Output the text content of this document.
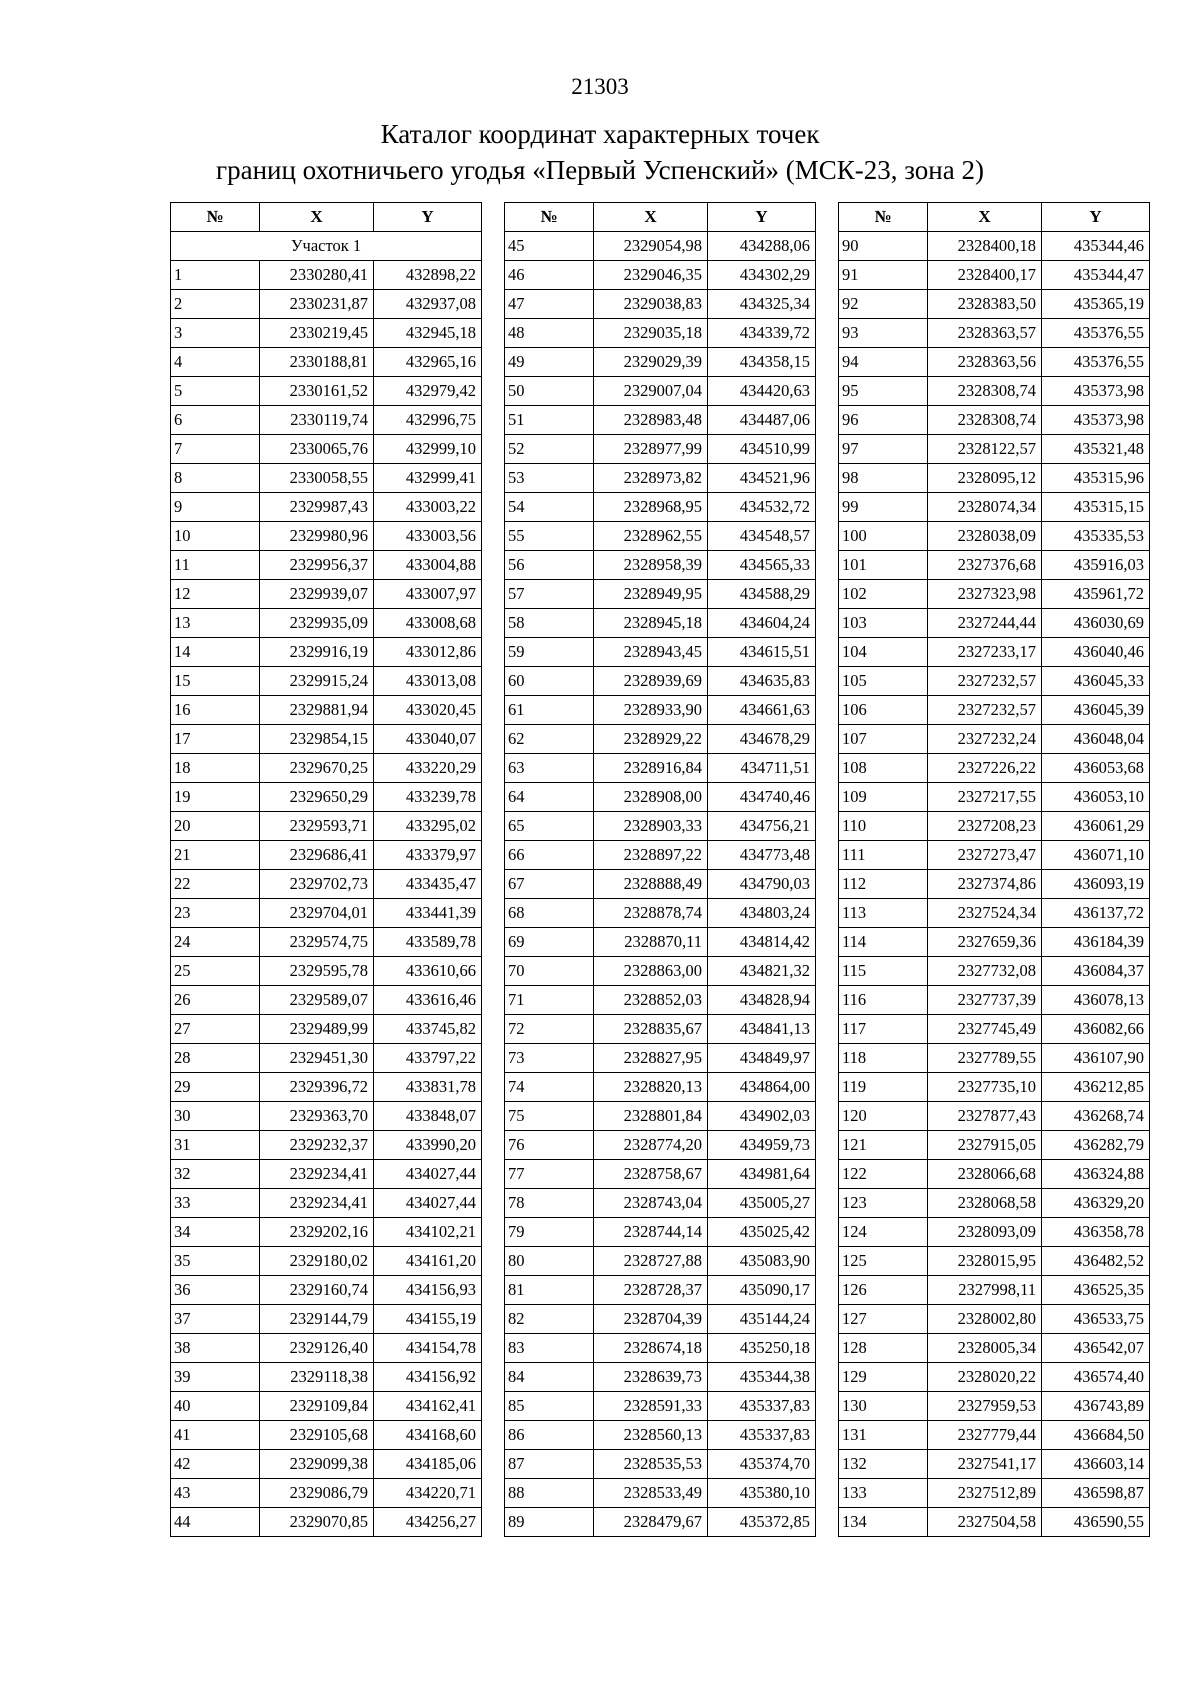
21303
Каталог координат характерных точек
границ охотничьего угодья «Первый Успенский» (МСК-23, зона 2)
№	X	Y
Участок 1		
1	2330280,41	432898,22
2	2330231,87	432937,08
3	2330219,45	432945,18
4	2330188,81	432965,16
5	2330161,52	432979,42
6	2330119,74	432996,75
7	2330065,76	432999,10
8	2330058,55	432999,41
9	2329987,43	433003,22
10	2329980,96	433003,56
11	2329956,37	433004,88
12	2329939,07	433007,97
13	2329935,09	433008,68
14	2329916,19	433012,86
15	2329915,24	433013,08
16	2329881,94	433020,45
17	2329854,15	433040,07
18	2329670,25	433220,29
19	2329650,29	433239,78
20	2329593,71	433295,02
21	2329686,41	433379,97
22	2329702,73	433435,47
23	2329704,01	433441,39
24	2329574,75	433589,78
25	2329595,78	433610,66
26	2329589,07	433616,46
27	2329489,99	433745,82
28	2329451,30	433797,22
29	2329396,72	433831,78
30	2329363,70	433848,07
31	2329232,37	433990,20
32	2329234,41	434027,44
33	2329234,41	434027,44
34	2329202,16	434102,21
35	2329180,02	434161,20
36	2329160,74	434156,93
37	2329144,79	434155,19
38	2329126,40	434154,78
39	2329118,38	434156,92
40	2329109,84	434162,41
41	2329105,68	434168,60
42	2329099,38	434185,06
43	2329086,79	434220,71
44	2329070,85	434256,27
№	X	Y
45	2329054,98	434288,06
46	2329046,35	434302,29
47	2329038,83	434325,34
48	2329035,18	434339,72
49	2329029,39	434358,15
50	2329007,04	434420,63
51	2328983,48	434487,06
52	2328977,99	434510,99
53	2328973,82	434521,96
54	2328968,95	434532,72
55	2328962,55	434548,57
56	2328958,39	434565,33
57	2328949,95	434588,29
58	2328945,18	434604,24
59	2328943,45	434615,51
60	2328939,69	434635,83
61	2328933,90	434661,63
62	2328929,22	434678,29
63	2328916,84	434711,51
64	2328908,00	434740,46
65	2328903,33	434756,21
66	2328897,22	434773,48
67	2328888,49	434790,03
68	2328878,74	434803,24
69	2328870,11	434814,42
70	2328863,00	434821,32
71	2328852,03	434828,94
72	2328835,67	434841,13
73	2328827,95	434849,97
74	2328820,13	434864,00
75	2328801,84	434902,03
76	2328774,20	434959,73
77	2328758,67	434981,64
78	2328743,04	435005,27
79	2328744,14	435025,42
80	2328727,88	435083,90
81	2328728,37	435090,17
82	2328704,39	435144,24
83	2328674,18	435250,18
84	2328639,73	435344,38
85	2328591,33	435337,83
86	2328560,13	435337,83
87	2328535,53	435374,70
88	2328533,49	435380,10
89	2328479,67	435372,85
№	X	Y
90	2328400,18	435344,46
91	2328400,17	435344,47
92	2328383,50	435365,19
93	2328363,57	435376,55
94	2328363,56	435376,55
95	2328308,74	435373,98
96	2328308,74	435373,98
97	2328122,57	435321,48
98	2328095,12	435315,96
99	2328074,34	435315,15
100	2328038,09	435335,53
101	2327376,68	435916,03
102	2327323,98	435961,72
103	2327244,44	436030,69
104	2327233,17	436040,46
105	2327232,57	436045,33
106	2327232,57	436045,39
107	2327232,24	436048,04
108	2327226,22	436053,68
109	2327217,55	436053,10
110	2327208,23	436061,29
111	2327273,47	436071,10
112	2327374,86	436093,19
113	2327524,34	436137,72
114	2327659,36	436184,39
115	2327732,08	436084,37
116	2327737,39	436078,13
117	2327745,49	436082,66
118	2327789,55	436107,90
119	2327735,10	436212,85
120	2327877,43	436268,74
121	2327915,05	436282,79
122	2328066,68	436324,88
123	2328068,58	436329,20
124	2328093,09	436358,78
125	2328015,95	436482,52
126	2327998,11	436525,35
127	2328002,80	436533,75
128	2328005,34	436542,07
129	2328020,22	436574,40
130	2327959,53	436743,89
131	2327779,44	436684,50
132	2327541,17	436603,14
133	2327512,89	436598,87
134	2327504,58	436590,55
